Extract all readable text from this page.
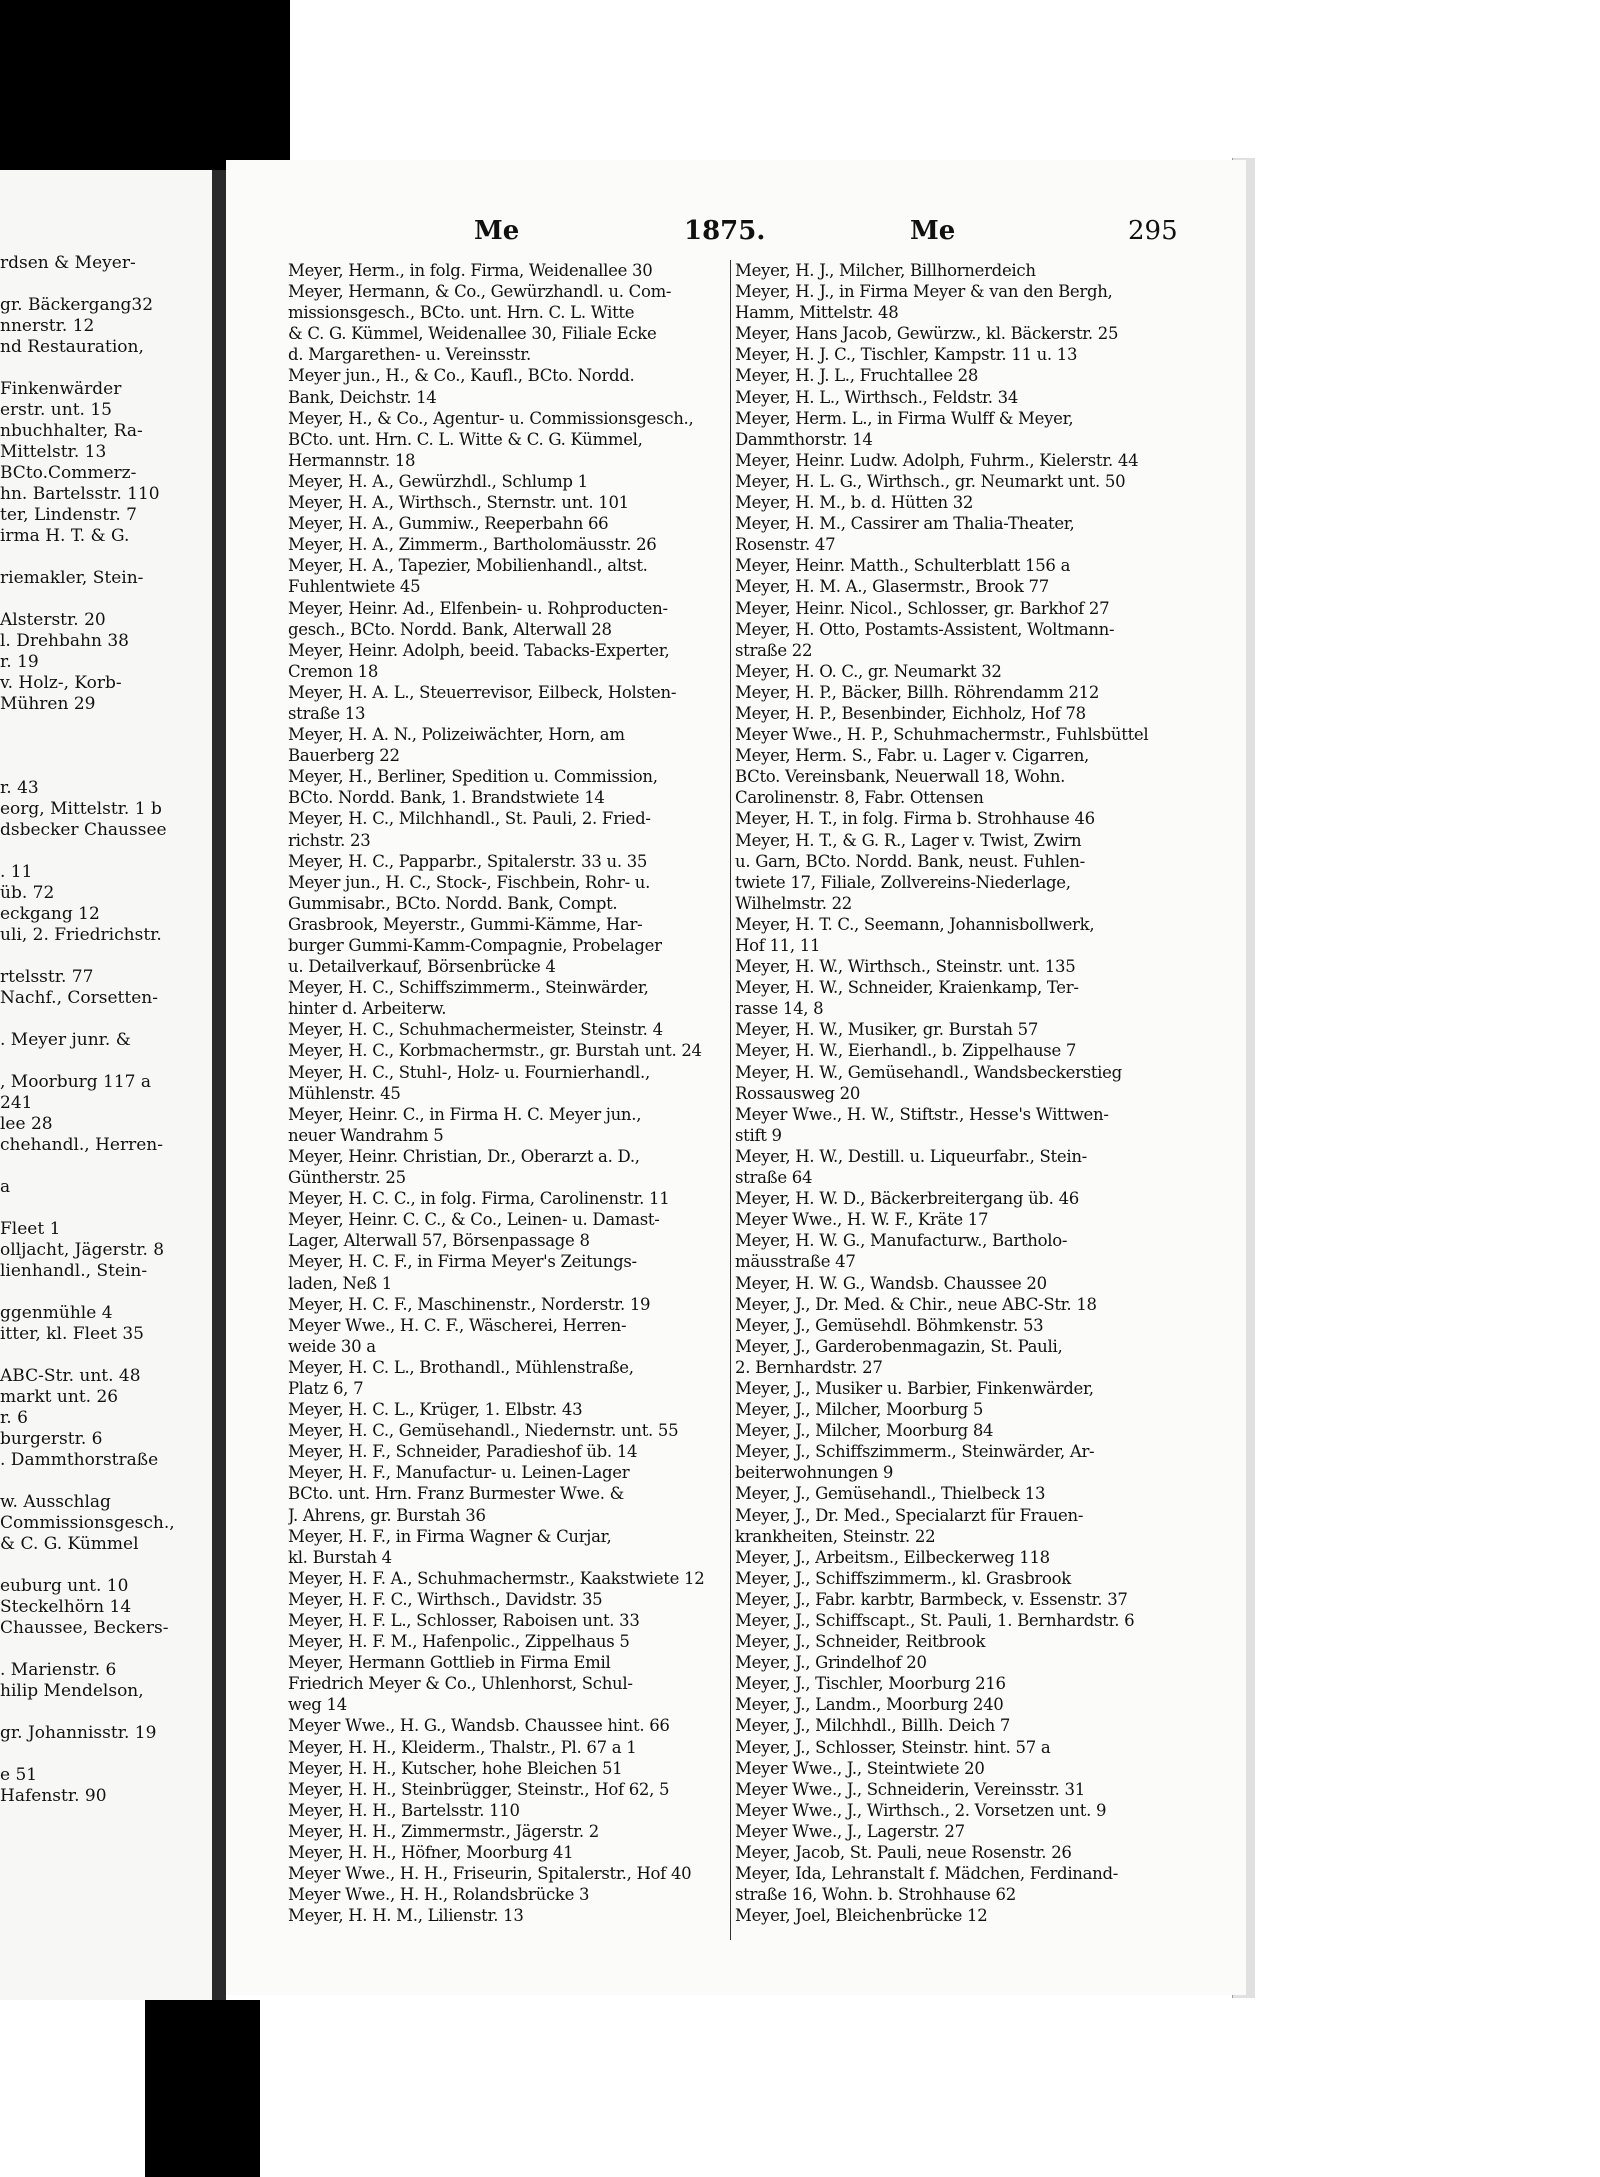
rdsen & Meyer-
gr. Bäckergang32
nnerstr. 12
nd Restauration,
Finkenwärder
erstr. unt. 15
nbuchhalter, Ra-
Mittelstr. 13
BCto.Commerz-
hn. Bartelsstr. 110
ter, Lindenstr. 7
irma H. T. & G.
riemakler, Stein-
Alsterstr. 20
l. Drehbahn 38
r. 19
v. Holz-, Korb-
Mühren 29
r. 43
eorg, Mittelstr. 1 b
dsbecker Chaussee
. 11
üb. 72
eckgang 12
uli, 2. Friedrichstr.
rtelsstr. 77
Nachf., Corsetten-
. Meyer junr. &
, Moorburg 117 a
241
lee 28
chehandl., Herren-
a
Fleet 1
olljacht, Jägerstr. 8
lienhandl., Stein-
ggenmühle 4
itter, kl. Fleet 35
ABC-Str. unt. 48
markt unt. 26
r. 6
burgerstr. 6
. Dammthorstraße
w. Ausschlag
Commissionsgesch.,
& C. G. Kümmel
euburg unt. 10
Steckelhörn 14
Chaussee, Beckers-
. Marienstr. 6
hilip Mendelson,
gr. Johannisstr. 19
e 51
Hafenstr. 90
Me	1875.	Me	295
Meyer, Herm., in folg. Firma, Weidenallee 30
Meyer, Hermann, & Co., Gewürzhandl. u. Com-
missionsgesch., BCto. unt. Hrn. C. L. Witte
& C. G. Kümmel, Weidenallee 30, Filiale Ecke
d. Margarethen- u. Vereinsstr.
Meyer jun., H., & Co., Kaufl., BCto. Nordd.
Bank, Deichstr. 14
Meyer, H., & Co., Agentur- u. Commissionsgesch.,
BCto. unt. Hrn. C. L. Witte & C. G. Kümmel,
Hermannstr. 18
Meyer, H. A., Gewürzhdl., Schlump 1
Meyer, H. A., Wirthsch., Sternstr. unt. 101
Meyer, H. A., Gummiw., Reeperbahn 66
Meyer, H. A., Zimmerm., Bartholomäusstr. 26
Meyer, H. A., Tapezier, Mobilienhandl., altst.
Fuhlentwiete 45
Meyer, Heinr. Ad., Elfenbein- u. Rohproducten-
gesch., BCto. Nordd. Bank, Alterwall 28
Meyer, Heinr. Adolph, beeid. Tabacks-Experter,
Cremon 18
Meyer, H. A. L., Steuerrevisor, Eilbeck, Holsten-
straße 13
Meyer, H. A. N., Polizeiwächter, Horn, am
Bauerberg 22
Meyer, H., Berliner, Spedition u. Commission,
BCto. Nordd. Bank, 1. Brandstwiete 14
Meyer, H. C., Milchhandl., St. Pauli, 2. Fried-
richstr. 23
Meyer, H. C., Papparbr., Spitalerstr. 33 u. 35
Meyer jun., H. C., Stock-, Fischbein, Rohr- u.
Gummisabr., BCto. Nordd. Bank, Compt.
Grasbrook, Meyerstr., Gummi-Kämme, Har-
burger Gummi-Kamm-Compagnie, Probelager
u. Detailverkauf, Börsenbrücke 4
Meyer, H. C., Schiffszimmerm., Steinwärder,
hinter d. Arbeiterw.
Meyer, H. C., Schuhmachermeister, Steinstr. 4
Meyer, H. C., Korbmachermstr., gr. Burstah unt. 24
Meyer, H. C., Stuhl-, Holz- u. Fournierhandl.,
Mühlenstr. 45
Meyer, Heinr. C., in Firma H. C. Meyer jun.,
neuer Wandrahm 5
Meyer, Heinr. Christian, Dr., Oberarzt a. D.,
Güntherstr. 25
Meyer, H. C. C., in folg. Firma, Carolinenstr. 11
Meyer, Heinr. C. C., & Co., Leinen- u. Damast-
Lager, Alterwall 57, Börsenpassage 8
Meyer, H. C. F., in Firma Meyer's Zeitungs-
laden, Neß 1
Meyer, H. C. F., Maschinenstr., Norderstr. 19
Meyer Wwe., H. C. F., Wäscherei, Herren-
weide 30 a
Meyer, H. C. L., Brothandl., Mühlenstraße,
Platz 6, 7
Meyer, H. C. L., Krüger, 1. Elbstr. 43
Meyer, H. C., Gemüsehandl., Niedernstr. unt. 55
Meyer, H. F., Schneider, Paradieshof üb. 14
Meyer, H. F., Manufactur- u. Leinen-Lager
BCto. unt. Hrn. Franz Burmester Wwe. &
J. Ahrens, gr. Burstah 36
Meyer, H. F., in Firma Wagner & Curjar,
kl. Burstah 4
Meyer, H. F. A., Schuhmachermstr., Kaakstwiete 12
Meyer, H. F. C., Wirthsch., Davidstr. 35
Meyer, H. F. L., Schlosser, Raboisen unt. 33
Meyer, H. F. M., Hafenpolic., Zippelhaus 5
Meyer, Hermann Gottlieb in Firma Emil
Friedrich Meyer & Co., Uhlenhorst, Schul-
weg 14
Meyer Wwe., H. G., Wandsb. Chaussee hint. 66
Meyer, H. H., Kleiderm., Thalstr., Pl. 67 a 1
Meyer, H. H., Kutscher, hohe Bleichen 51
Meyer, H. H., Steinbrügger, Steinstr., Hof 62, 5
Meyer, H. H., Bartelsstr. 110
Meyer, H. H., Zimmermstr., Jägerstr. 2
Meyer, H. H., Höfner, Moorburg 41
Meyer Wwe., H. H., Friseurin, Spitalerstr., Hof 40
Meyer Wwe., H. H., Rolandsbrücke 3
Meyer, H. H. M., Lilienstr. 13
Meyer, H. J., Milcher, Billhornerdeich
Meyer, H. J., in Firma Meyer & van den Bergh,
Hamm, Mittelstr. 48
Meyer, Hans Jacob, Gewürzw., kl. Bäckerstr. 25
Meyer, H. J. C., Tischler, Kampstr. 11 u. 13
Meyer, H. J. L., Fruchtallee 28
Meyer, H. L., Wirthsch., Feldstr. 34
Meyer, Herm. L., in Firma Wulff & Meyer,
Dammthorstr. 14
Meyer, Heinr. Ludw. Adolph, Fuhrm., Kielerstr. 44
Meyer, H. L. G., Wirthsch., gr. Neumarkt unt. 50
Meyer, H. M., b. d. Hütten 32
Meyer, H. M., Cassirer am Thalia-Theater,
Rosenstr. 47
Meyer, Heinr. Matth., Schulterblatt 156 a
Meyer, H. M. A., Glasermstr., Brook 77
Meyer, Heinr. Nicol., Schlosser, gr. Barkhof 27
Meyer, H. Otto, Postamts-Assistent, Woltmann-
straße 22
Meyer, H. O. C., gr. Neumarkt 32
Meyer, H. P., Bäcker, Billh. Röhrendamm 212
Meyer, H. P., Besenbinder, Eichholz, Hof 78
Meyer Wwe., H. P., Schuhmachermstr., Fuhlsbüttel
Meyer, Herm. S., Fabr. u. Lager v. Cigarren,
BCto. Vereinsbank, Neuerwall 18, Wohn.
Carolinenstr. 8, Fabr. Ottensen
Meyer, H. T., in folg. Firma b. Strohhause 46
Meyer, H. T., & G. R., Lager v. Twist, Zwirn
u. Garn, BCto. Nordd. Bank, neust. Fuhlen-
twiete 17, Filiale, Zollvereins-Niederlage,
Wilhelmstr. 22
Meyer, H. T. C., Seemann, Johannisbollwerk,
Hof 11, 11
Meyer, H. W., Wirthsch., Steinstr. unt. 135
Meyer, H. W., Schneider, Kraienkamp, Ter-
rasse 14, 8
Meyer, H. W., Musiker, gr. Burstah 57
Meyer, H. W., Eierhandl., b. Zippelhause 7
Meyer, H. W., Gemüsehandl., Wandsbeckerstieg
Rossausweg 20
Meyer Wwe., H. W., Stiftstr., Hesse's Wittwen-
stift 9
Meyer, H. W., Destill. u. Liqueurfabr., Stein-
straße 64
Meyer, H. W. D., Bäckerbreitergang üb. 46
Meyer Wwe., H. W. F., Kräte 17
Meyer, H. W. G., Manufacturw., Bartholo-
mäusstraße 47
Meyer, H. W. G., Wandsb. Chaussee 20
Meyer, J., Dr. Med. & Chir., neue ABC-Str. 18
Meyer, J., Gemüsehdl. Böhmkenstr. 53
Meyer, J., Garderobenmagazin, St. Pauli,
2. Bernhardstr. 27
Meyer, J., Musiker u. Barbier, Finkenwärder,
Meyer, J., Milcher, Moorburg 5
Meyer, J., Milcher, Moorburg 84
Meyer, J., Schiffszimmerm., Steinwärder, Ar-
beiterwohnungen 9
Meyer, J., Gemüsehandl., Thielbeck 13
Meyer, J., Dr. Med., Specialarzt für Frauen-
krankheiten, Steinstr. 22
Meyer, J., Arbeitsm., Eilbeckerweg 118
Meyer, J., Schiffszimmerm., kl. Grasbrook
Meyer, J., Fabr. karbtr, Barmbeck, v. Essenstr. 37
Meyer, J., Schiffscapt., St. Pauli, 1. Bernhardstr. 6
Meyer, J., Schneider, Reitbrook
Meyer, J., Grindelhof 20
Meyer, J., Tischler, Moorburg 216
Meyer, J., Landm., Moorburg 240
Meyer, J., Milchhdl., Billh. Deich 7
Meyer, J., Schlosser, Steinstr. hint. 57 a
Meyer Wwe., J., Steintwiete 20
Meyer Wwe., J., Schneiderin, Vereinsstr. 31
Meyer Wwe., J., Wirthsch., 2. Vorsetzen unt. 9
Meyer Wwe., J., Lagerstr. 27
Meyer, Jacob, St. Pauli, neue Rosenstr. 26
Meyer, Ida, Lehranstalt f. Mädchen, Ferdinand-
straße 16, Wohn. b. Strohhause 62
Meyer, Joel, Bleichenbrücke 12
